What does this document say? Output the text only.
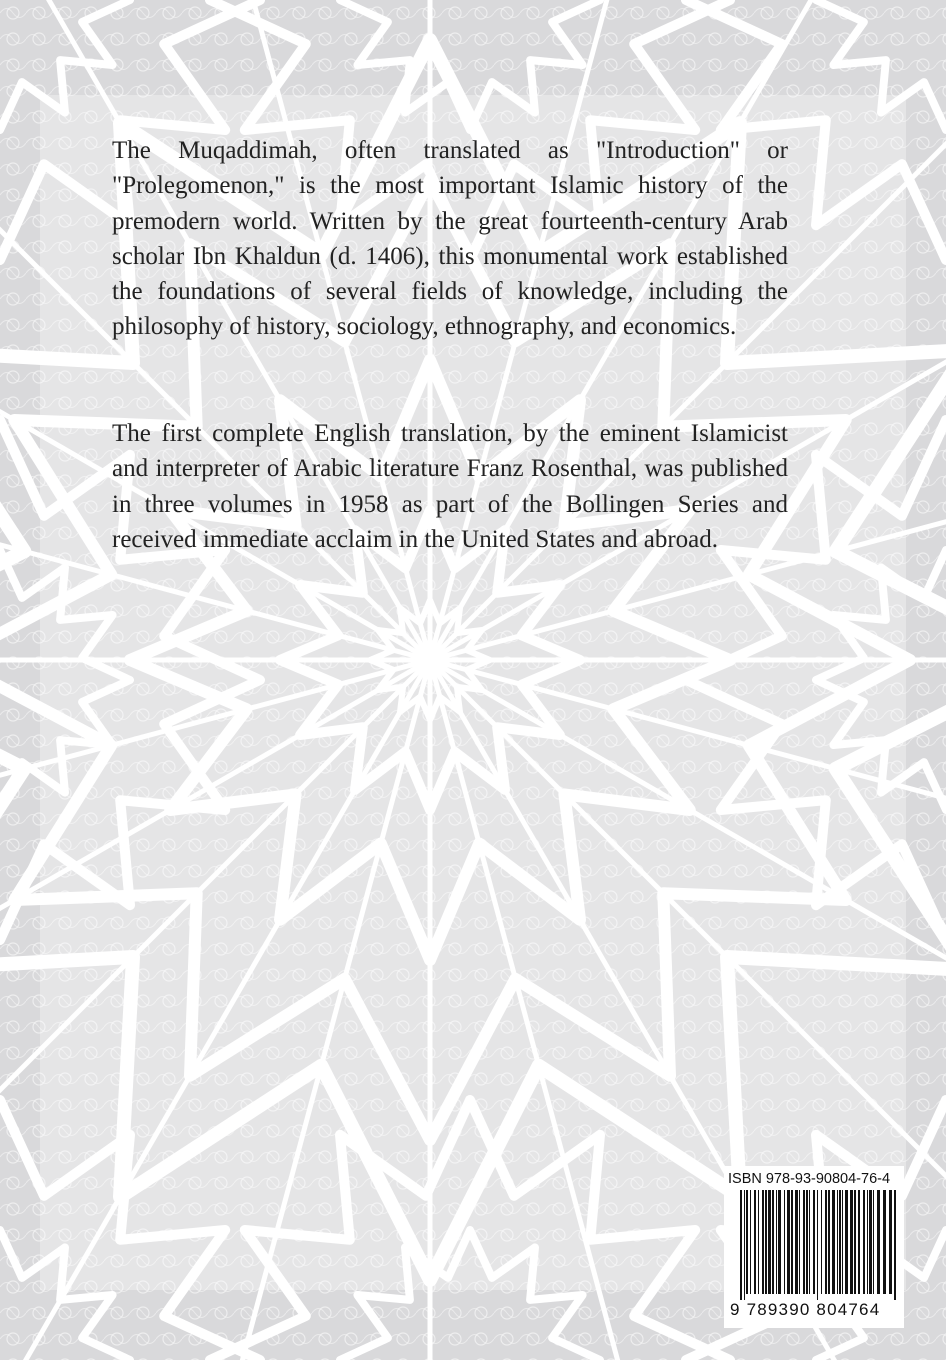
The Muqaddimah, often translated as "Introduction" or "Prolegomenon," is the most important Islamic history of the premodern world. Written by the great fourteenth-century Arab scholar Ibn Khaldun (d. 1406), this monumental work established the foundations of several fields of knowledge, including the philosophy of history, sociology, ethnography, and economics.
The first complete English translation, by the eminent Islamicist and interpreter of Arabic literature Franz Rosenthal, was published in three volumes in 1958 as part of the Bollingen Series and received immediate acclaim in the United States and abroad.
ISBN 978-93-90804-76-4
9 789390 804764
